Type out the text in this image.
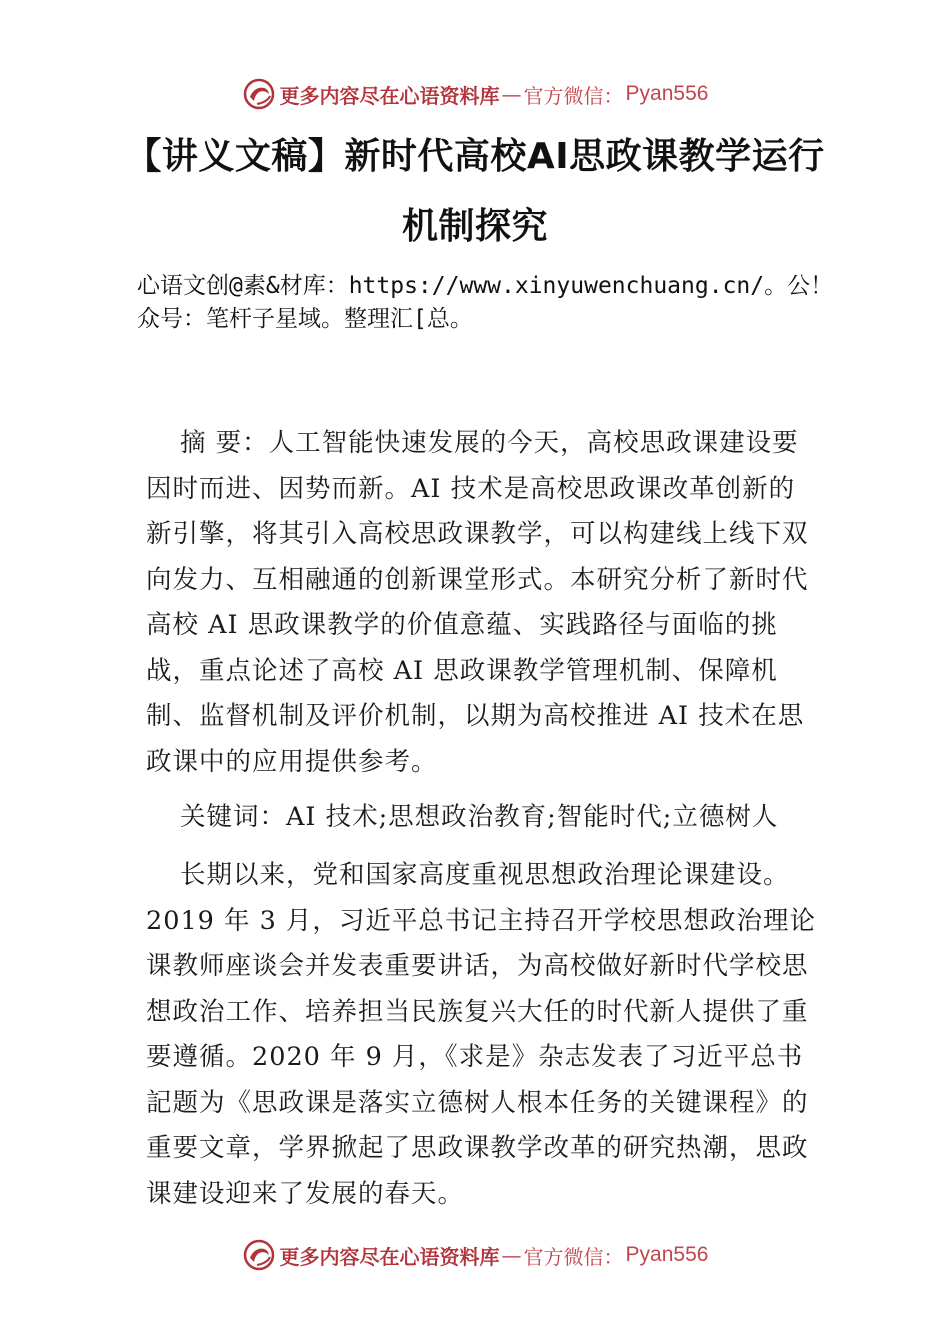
更多内容尽在心语资料库 — 官方微信： Pyan556
【讲义文稿】新时代高校AI思政课教学运行
机制探究
心语文创@素&材库：https://www.xinyuwenchuang.cn/。公！众号：笔杆子星域。整理汇[总。
摘 要：人工智能快速发展的今天，高校思政课建设要因时而进、因势而新。AI 技术是高校思政课改革创新的新引擎，将其引入高校思政课教学，可以构建线上线下双向发力、互相融通的创新课堂形式。本研究分析了新时代高校 AI 思政课教学的价值意蕴、实践路径与面临的挑战，重点论述了高校 AI 思政课教学管理机制、保障机制、监督机制及评价机制，以期为高校推进 AI 技术在思政课中的应用提供参考。
关键词：AI 技术;思想政治教育;智能时代;立德树人
长期以来，党和国家高度重视思想政治理论课建设。2019 年 3 月，习近平总书记主持召开学校思想政治理论课教师座谈会并发表重要讲话，为高校做好新时代学校思想政治工作、培养担当民族复兴大任的时代新人提供了重要遵循。2020 年 9 月，《求是》杂志发表了习近平总书記题为《思政课是落实立德树人根本任务的关键课程》的重要文章，学界掀起了思政课教学改革的研究热潮，思政课建设迎来了发展的春天。
更多内容尽在心语资料库 — 官方微信： Pyan556
